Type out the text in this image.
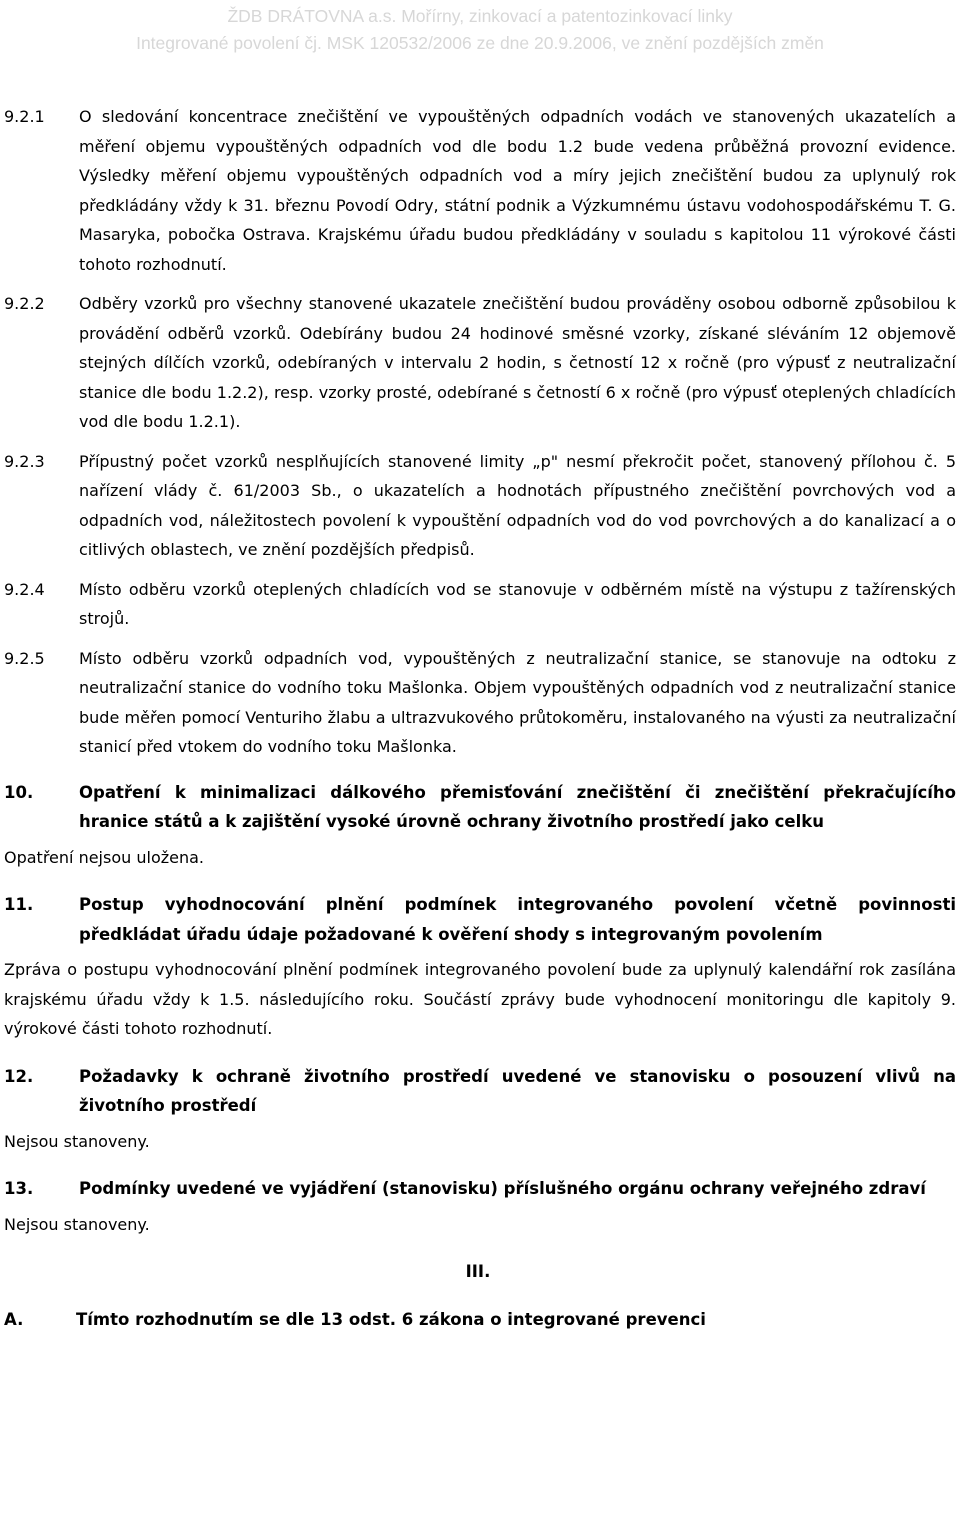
ŽDB DRÁTOVNA a.s. Mořírny, zinkovací a patentozinkovací linky
Integrované povolení čj. MSK 120532/2006 ze dne 20.9.2006, ve znění pozdějších změn
9.2.1	O sledování koncentrace znečištění ve vypouštěných odpadních vodách ve stanovených ukazatelích a měření objemu vypouštěných odpadních vod dle bodu 1.2 bude vedena průběžná provozní evidence. Výsledky měření objemu vypouštěných odpadních vod a míry jejich znečištění budou za uplynulý rok předkládány vždy k 31. březnu Povodí Odry, státní podnik a Výzkumnému ústavu vodohospodářskému T. G. Masaryka, pobočka Ostrava. Krajskému úřadu budou předkládány v souladu s kapitolou 11 výrokové části tohoto rozhodnutí.
9.2.2	Odběry vzorků pro všechny stanovené ukazatele znečištění budou prováděny osobou odborně způsobilou k provádění odběrů vzorků. Odebírány budou 24 hodinové směsné vzorky, získané sléváním 12 objemově stejných dílčích vzorků, odebíraných v intervalu 2 hodin, s četností 12 x ročně (pro výpusť z neutralizační stanice dle bodu 1.2.2), resp. vzorky prosté, odebírané s četností 6 x ročně (pro výpusť oteplených chladících vod dle bodu 1.2.1).
9.2.3	Přípustný počet vzorků nesplňujících stanovené limity „p" nesmí překročit počet, stanovený přílohou č. 5 nařízení vlády č. 61/2003 Sb., o ukazatelích a hodnotách přípustného znečištění povrchových vod a odpadních vod, náležitostech povolení k vypouštění odpadních vod do vod povrchových a do kanalizací a o citlivých oblastech, ve znění pozdějších předpisů.
9.2.4	Místo odběru vzorků oteplených chladících vod se stanovuje v odběrném místě na výstupu z tažírenských strojů.
9.2.5	Místo odběru vzorků odpadních vod, vypouštěných z neutralizační stanice, se stanovuje na odtoku z neutralizační stanice do vodního toku Mašlonka. Objem vypouštěných odpadních vod z neutralizační stanice bude měřen pomocí Venturiho žlabu a ultrazvukového průtokoměru, instalovaného na výusti za neutralizační stanicí před vtokem do vodního toku Mašlonka.
10.	Opatření k minimalizaci dálkového přemisťování znečištění či znečištění překračujícího hranice států a k zajištění vysoké úrovně ochrany životního prostředí jako celku
Opatření nejsou uložena.
11.	Postup vyhodnocování plnění podmínek integrovaného povolení včetně povinnosti předkládat úřadu údaje požadované k ověření shody s integrovaným povolením
Zpráva o postupu vyhodnocování plnění podmínek integrovaného povolení bude za uplynulý kalendářní rok zasílána krajskému úřadu vždy k 1.5. následujícího roku. Součástí zprávy bude vyhodnocení monitoringu dle kapitoly 9. výrokové části tohoto rozhodnutí.
12.	Požadavky k ochraně životního prostředí uvedené ve stanovisku o posouzení vlivů na životního prostředí
Nejsou stanoveny.
13.	Podmínky uvedené ve vyjádření (stanovisku) příslušného orgánu ochrany veřejného zdraví
Nejsou stanoveny.
III.
A.	Tímto rozhodnutím se dle 13 odst. 6 zákona o integrované prevenci
